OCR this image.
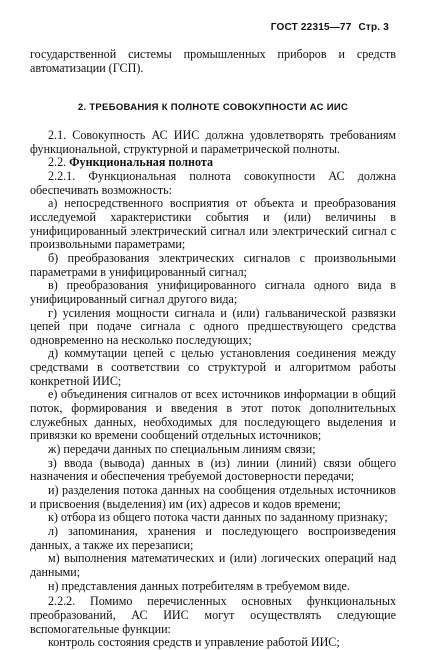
ГОСТ 22315—77 Стр. 3

государственной системы промышленных приборов и средств автоматизации (ГСП).

2. ТРЕБОВАНИЯ К ПОЛНОТЕ СОВОКУПНОСТИ АС ИИС

2.1. Совокупность АС ИИС должна удовлетворять требованиям функциональной, структурной и параметрической полноты.

2.2. Функциональная полнота

2.2.1. Функциональная полнота совокупности АС должна обеспечивать возможность:

а) непосредственного восприятия от объекта и преобразования исследуемой характеристики события и (или) величины в унифицированный электрический сигнал или электрический сигнал с произвольными параметрами;

б) преобразования электрических сигналов с произвольными параметрами в унифицированный сигнал;

в) преобразования унифицированного сигнала одного вида в унифицированный сигнал другого вида;

г) усиления мощности сигнала и (или) гальванической развязки цепей при подаче сигнала с одного предшествующего средства одновременно на несколько последующих;

д) коммутации цепей с целью установления соединения между средствами в соответствии со структурой и алгоритмом работы конкретной ИИС;

е) объединения сигналов от всех источников информации в общий поток, формирования и введения в этот поток дополнительных служебных данных, необходимых для последующего выделения и привязки ко времени сообщений отдельных источников;

ж) передачи данных по специальным линиям связи;

з) ввода (вывода) данных в (из) линии (линий) связи общего назначения и обеспечения требуемой достоверности передачи;

и) разделения потока данных на сообщения отдельных источников и присвоения (выделения) им (их) адресов и кодов времени;

к) отбора из общего потока части данных по заданному признаку;

л) запоминания, хранения и последующего воспроизведения данных, а также их перезаписи;

м) выполнения математических и (или) логических операций над данными;

н) представления данных потребителям в требуемом виде.

2.2.2. Помимо перечисленных основных функциональных преобразований, АС ИИС могут осуществлять следующие вспомогательные функции:

контроль состояния средств и управление работой ИИС;
